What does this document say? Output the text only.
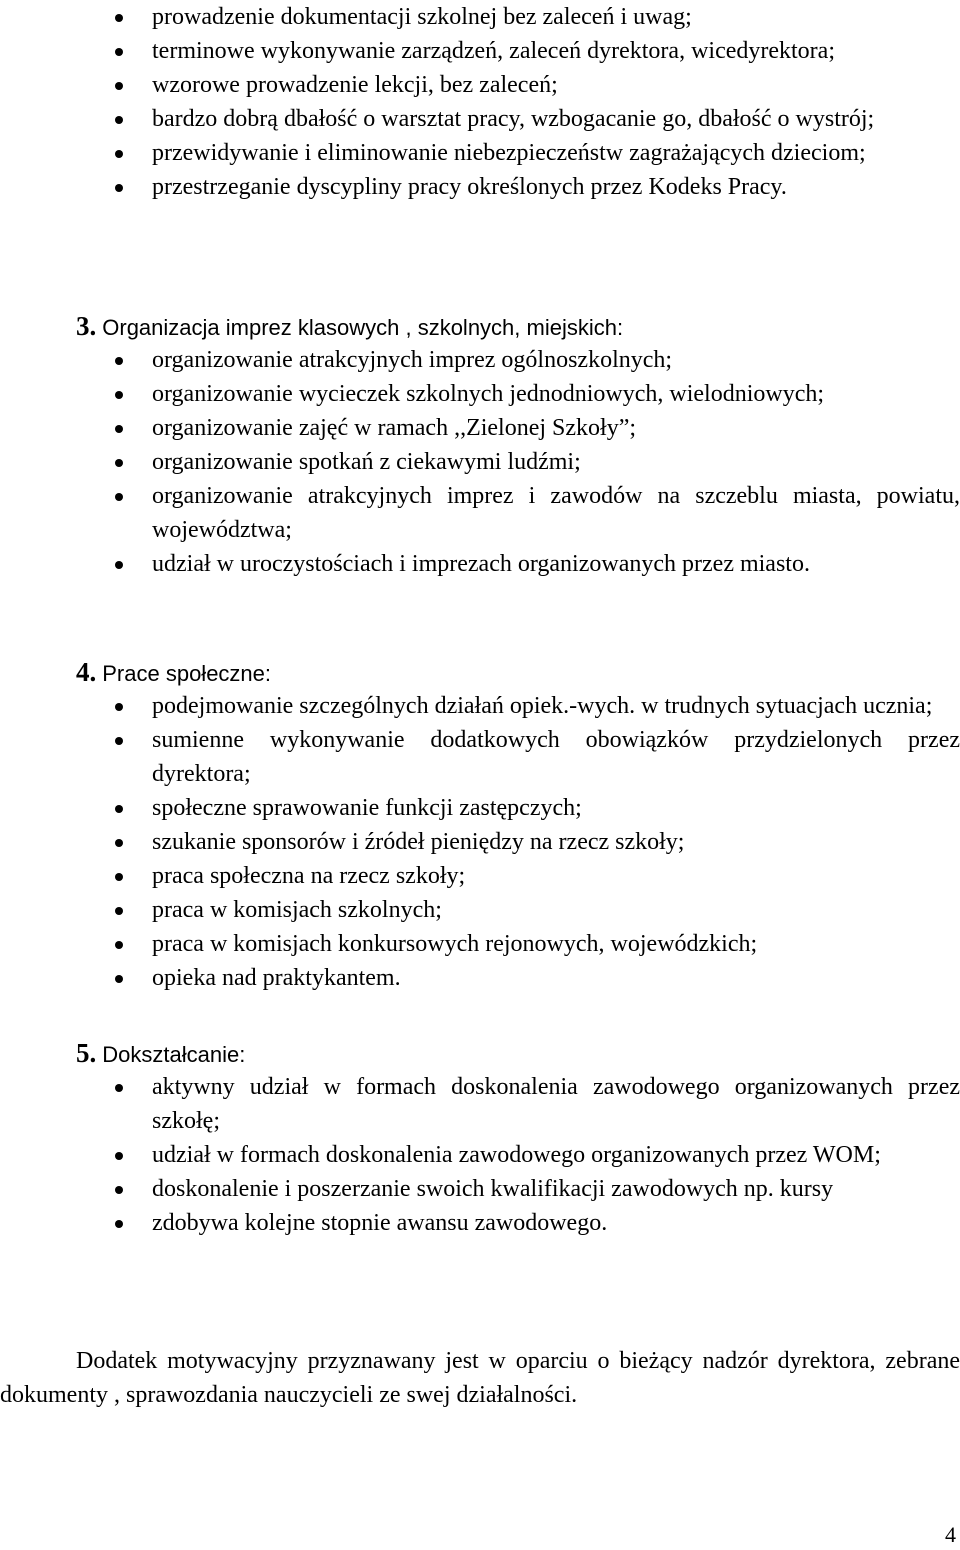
prowadzenie dokumentacji szkolnej bez zaleceń i uwag;
terminowe wykonywanie zarządzeń, zaleceń dyrektora, wicedyrektora;
wzorowe prowadzenie lekcji, bez zaleceń;
bardzo dobrą dbałość o warsztat pracy, wzbogacanie go, dbałość o wystrój;
przewidywanie i eliminowanie niebezpieczeństw zagrażających dzieciom;
przestrzeganie dyscypliny pracy określonych przez Kodeks Pracy.
3. Organizacja imprez klasowych , szkolnych, miejskich:
organizowanie atrakcyjnych imprez ogólnoszkolnych;
organizowanie wycieczek szkolnych jednodniowych, wielodniowych;
organizowanie zajęć w ramach ,,Zielonej Szkoły”;
organizowanie spotkań z ciekawymi ludźmi;
organizowanie atrakcyjnych imprez i zawodów na szczeblu miasta, powiatu, województwa;
udział w uroczystościach i imprezach organizowanych przez miasto.
4. Prace społeczne:
podejmowanie szczególnych działań opiek.-wych. w trudnych sytuacjach ucznia;
sumienne wykonywanie dodatkowych obowiązków przydzielonych przez dyrektora;
społeczne sprawowanie funkcji zastępczych;
szukanie sponsorów i źródeł pieniędzy na rzecz szkoły;
praca społeczna na rzecz szkoły;
praca w komisjach szkolnych;
praca w komisjach konkursowych rejonowych, wojewódzkich;
opieka nad praktykantem.
5. Dokształcanie:
aktywny udział w formach doskonalenia zawodowego organizowanych przez szkołę;
udział w formach doskonalenia zawodowego organizowanych przez WOM;
doskonalenie i poszerzanie swoich kwalifikacji zawodowych np. kursy
zdobywa kolejne stopnie awansu zawodowego.

Dodatek motywacyjny przyznawany jest w oparciu o bieżący nadzór dyrektora, zebrane dokumenty , sprawozdania nauczycieli ze swej działalności.

4
